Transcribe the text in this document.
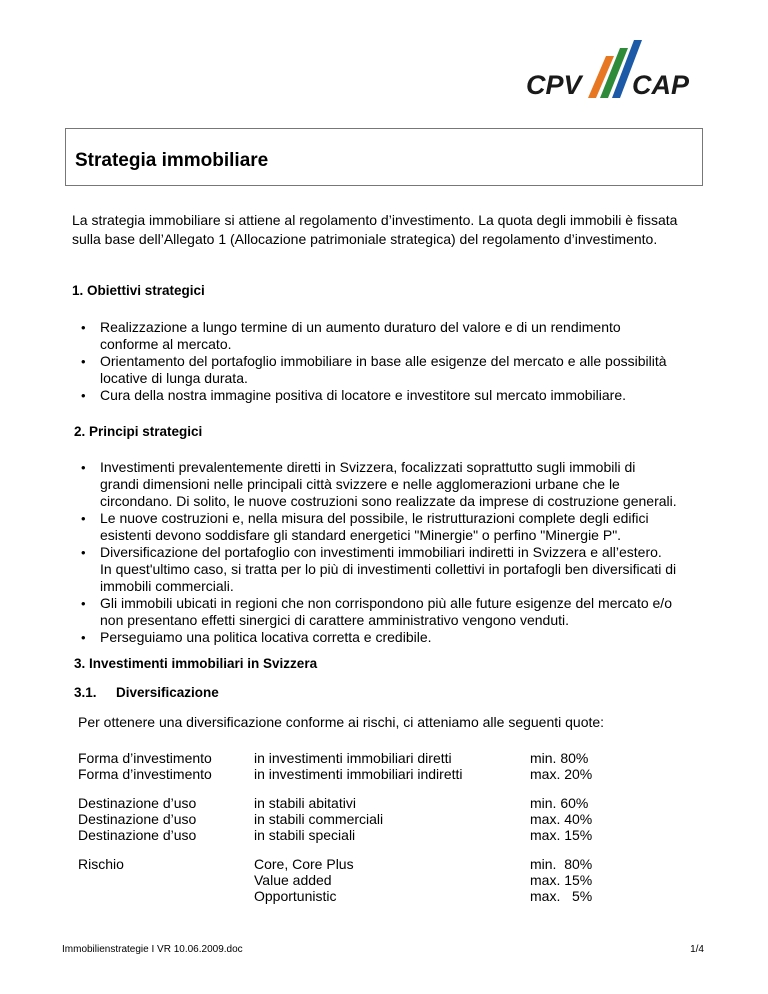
CPV CAP
Strategia immobiliare
La strategia immobiliare si attiene al regolamento d’investimento. La quota degli immobili è fissata
sulla base dell’Allegato 1 (Allocazione patrimoniale strategica) del regolamento d’investimento.
1. Obiettivi strategici
• Realizzazione a lungo termine di un aumento duraturo del valore e di un rendimento
conforme al mercato.
• Orientamento del portafoglio immobiliare in base alle esigenze del mercato e alle possibilità
locative di lunga durata.
• Cura della nostra immagine positiva di locatore e investitore sul mercato immobiliare.
2. Principi strategici
• Investimenti prevalentemente diretti in Svizzera, focalizzati soprattutto sugli immobili di
grandi dimensioni nelle principali città svizzere e nelle agglomerazioni urbane che le
circondano. Di solito, le nuove costruzioni sono realizzate da imprese di costruzione generali.
• Le nuove costruzioni e, nella misura del possibile, le ristrutturazioni complete degli edifici
esistenti devono soddisfare gli standard energetici "Minergie" o perfino "Minergie P".
• Diversificazione del portafoglio con investimenti immobiliari indiretti in Svizzera e all’estero.
In quest'ultimo caso, si tratta per lo più di investimenti collettivi in portafogli ben diversificati di
immobili commerciali.
• Gli immobili ubicati in regioni che non corrispondono più alle future esigenze del mercato e/o
non presentano effetti sinergici di carattere amministrativo vengono venduti.
• Perseguiamo una politica locativa corretta e credibile.
3. Investimenti immobiliari in Svizzera
3.1. Diversificazione
Per ottenere una diversificazione conforme ai rischi, ci atteniamo alle seguenti quote:
Forma d’investimento
Forma d’investimento
in investimenti immobiliari diretti
in investimenti immobiliari indiretti
min. 80%
max. 20%
Destinazione d’uso
Destinazione d’uso
Destinazione d’uso
in stabili abitativi
in stabili commerciali
in stabili speciali
min. 60%
max. 40%
max. 15%
Rischio	Core, Core Plus
Value added
Opportunistic
min.  80%
max. 15%
max.   5%
Immobilienstrategie I VR 10.06.2009.doc	1/4
